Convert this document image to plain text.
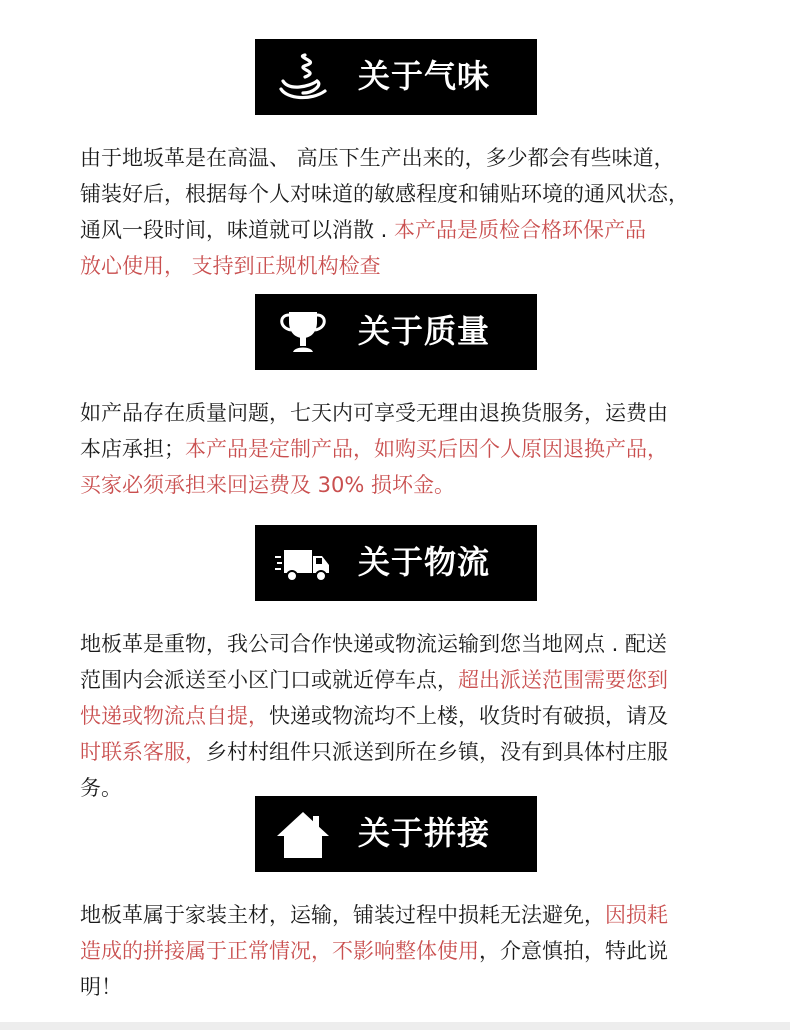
关于气味
由于地坂革是在高温、 高压下生产出来的，多少都会有些味道，
铺装好后，根据每个人对味道的敏感程度和铺贴环境的通风状态，
通风一段时间，味道就可以消散 . 本产品是质检合格环保产品
放心使用， 支持到正规机构检查
关于质量
如产品存在质量问题，七天内可享受无理由退换货服务，运费由
本店承担；本产品是定制产品，如购买后因个人原因退换产品，
买家必须承担来回运费及 30% 损坏金。
关于物流
地板革是重物，我公司合作快递或物流运输到您当地网点 . 配送
范围内会派送至小区门口或就近停车点，超出派送范围需要您到
快递或物流点自提，快递或物流均不上楼，收货时有破损，请及
时联系客服，乡村村组件只派送到所在乡镇，没有到具体村庄服
务。
关于拼接
地板革属于家装主材，运输，铺装过程中损耗无法避免，因损耗
造成的拼接属于正常情况，不影响整体使用，介意慎拍，特此说
明！
